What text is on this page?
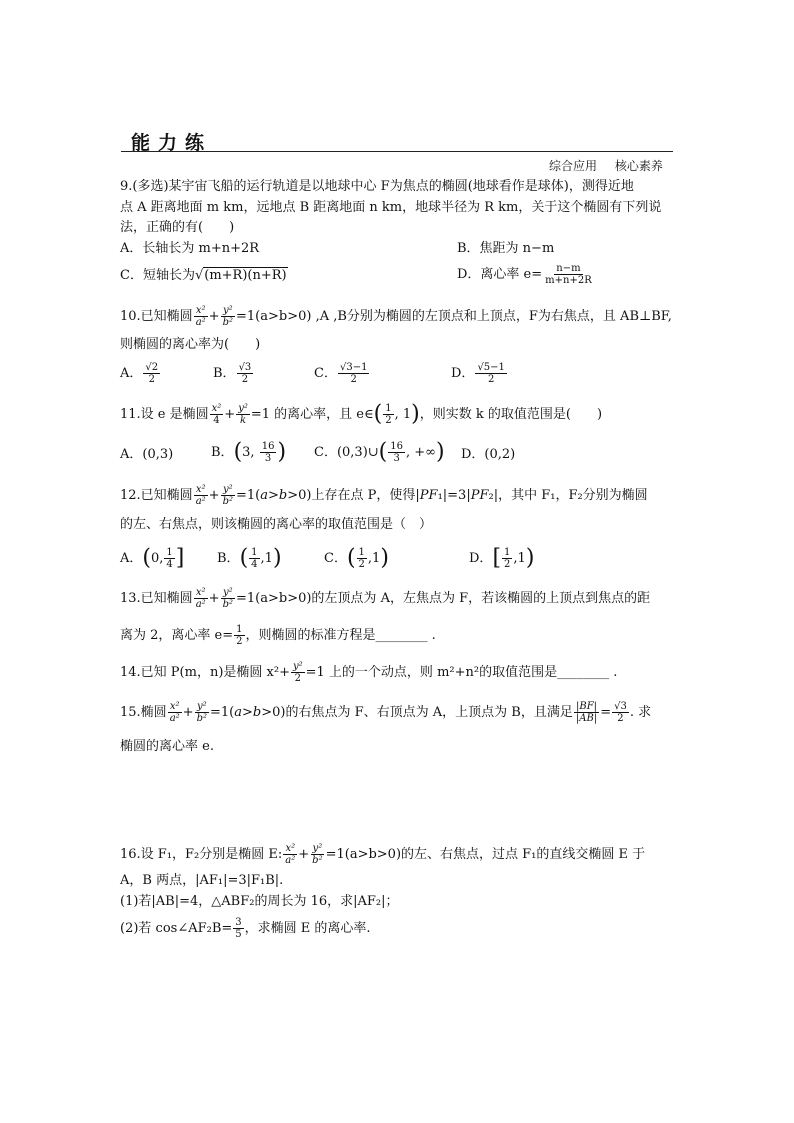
能力练
综合应用 核心素养
9.(多选)某宇宙飞船的运行轨道是以地球中心 F为焦点的椭圆(地球看作是球体)，测得近地
点 A 距离地面 m km，远地点 B 距离地面 n km，地球半径为 R km，关于这个椭圆有下列说
法，正确的有(　　)
A．长轴长为 m+n+2R	B．焦距为 n−m
C．短轴长为√(m+R)(n+R)	D．离心率 $e= \frac{n-m}{m+n+2R}$
10.已知椭圆 $\frac{\text{x²}}{\text{a²}} + \frac{\text{y²}}{\text{b²}} =1(a>b>0)$ ,A ,B分别为椭圆的左顶点和上顶点，F为右焦点，且 AB⊥BF,
则椭圆的离心率为(　　)
A． $\frac{√2}{2}$	B． $\frac{√3}{2}$	C． $\frac{√3-1}{2}$	D． $\frac{√5-1}{2}$
11.设 e 是椭圆 $\frac{\text{x²}}{4} + \frac{\text{y²}}{k} =1$ 的离心率，且 e∈( $\frac{1}{2}$ , 1)，则实数 k 的取值范围是(　　)
A．(0,3)	B．(3, $\frac{16}{3}$ ) C．(0,3)∪( $\frac{16}{3}$ , +∞) D．(0,2)
12.已知椭圆 $\frac{\text{x²}}{\text{a²}} + \frac{\text{y²}}{\text{b²}} =1(a>b>0)$上存在点 P，使得|PF₁|=3|PF₂|，其中 F₁，F₂分别为椭圆
的左、右焦点，则该椭圆的离心率的取值范围是（　）
A．(0, $\frac{1}{4}$ ]	B．( $\frac{1}{4} ,1$)	C．( $\frac{1}{2} ,1$)	D．[ $\frac{1}{2} ,1$)
13.已知椭圆 $\frac{\text{x²}}{\text{a²}} + \frac{\text{y²}}{\text{b²}} =1(a>b>0)$的左顶点为 A，左焦点为 F，若该椭圆的上顶点到焦点的距
离为 2，离心率 $e= \frac{1}{2}$ ，则椭圆的标准方程是________ .
14.已知 P(m，n)是椭圆 $x^2+ \frac{\text{y²}}{2} =1$ 上的一个动点，则 m²+n²的取值范围是________ .
15.椭圆 $\frac{\text{x²}}{\text{a²}} + \frac{\text{y²}}{\text{b²}} =1(a>b>0)$的右焦点为 F、右顶点为 A，上顶点为 B，且满足 $\frac{|BF|}{|AB|} = \frac{√3}{2}$ . 求
椭圆的离心率 e.
16.设 F₁，F₂分别是椭圆 E: $\frac{\text{x²}}{\text{a²}} + \frac{\text{y²}}{\text{b²}} =1(a>b>0)$的左、右焦点，过点 F₁的直线交椭圆 E 于
A，B 两点，|AF₁|=3|F₁B|.
(1)若|AB|=4，△ABF₂的周长为 16，求|AF₂|；
(2)若 cos∠AF₂B= $\frac{3}{5}$ ，求椭圆 E 的离心率.
